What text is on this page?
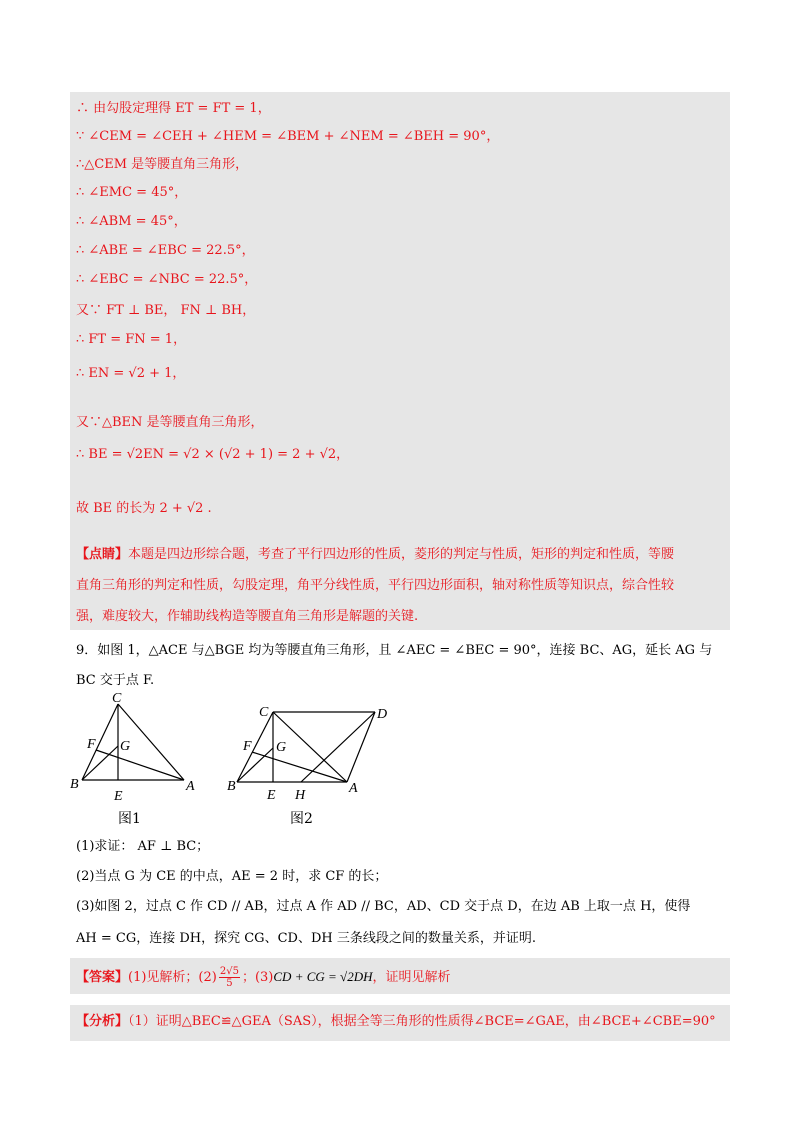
∴ 由勾股定理得 ET = FT = 1，
∵ ∠CEM = ∠CEH + ∠HEM = ∠BEM + ∠NEM = ∠BEH = 90°，
∴△CEM 是等腰直角三角形，
∴ ∠EMC = 45°，
∴ ∠ABM = 45°，
∴ ∠ABE = ∠EBC = 22.5°，
∴ ∠EBC = ∠NBC = 22.5°，
又∵ FT ⊥ BE， FN ⊥ BH，
∴ FT = FN = 1，
∴ EN = √2 + 1，
又∵△BEN 是等腰直角三角形，
∴ BE = √2EN = √2 × (√2 + 1) = 2 + √2，
故 BE 的长为 2 + √2 .
【点睛】本题是四边形综合题，考查了平行四边形的性质，菱形的判定与性质，矩形的判定和性质，等腰
直角三角形的判定和性质，勾股定理，角平分线性质，平行四边形面积，轴对称性质等知识点，综合性较
强，难度较大，作辅助线构造等腰直角三角形是解题的关键.
9．如图 1，△ACE 与△BGE 均为等腰直角三角形，且 ∠AEC = ∠BEC = 90°，连接 BC、AG，延长 AG 与
BC 交于点 F.
C
F G
B
E
A
图1
C	D
F G
B
E H	A
图2
(1)求证： AF ⊥ BC；
(2)当点 G 为 CE 的中点，AE = 2 时，求 CF 的长；
(3)如图 2，过点 C 作 CD // AB，过点 A 作 AD // BC，AD、CD 交于点 D，在边 AB 上取一点 H，使得
AH = CG，连接 DH，探究 CG、CD、DH 三条线段之间的数量关系，并证明.
【答案】(1)见解析；$(2) \frac{2√5}{5}$ ；(3)CD + CG = √2DH，证明见解析
【分析】（1）证明△BEC≌△GEA（SAS），根据全等三角形的性质得∠BCE=∠GAE，由∠BCE+∠CBE=90°
